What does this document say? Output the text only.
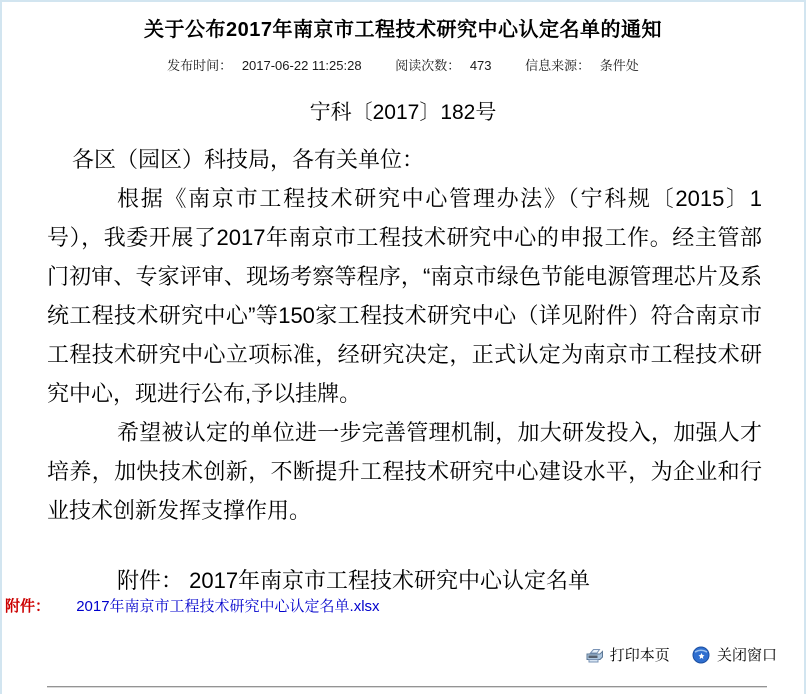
关于公布2017年南京市工程技术研究中心认定名单的通知
发布时间： 2017-06-22 11:25:28	阅读次数： 473	信息来源： 条件处
宁科〔2017〕182号

各区（园区）科技局，各有关单位：

根据《南京市工程技术研究中心管理办法》（宁科规〔2015〕1号），我委开展了2017年南京市工程技术研究中心的申报工作。经主管部门初审、专家评审、现场考察等程序，“南京市绿色节能电源管理芯片及系统工程技术研究中心”等150家工程技术研究中心（详见附件）符合南京市工程技术研究中心立项标准，经研究决定，正式认定为南京市工程技术研究中心，现进行公布,予以挂牌。

希望被认定的单位进一步完善管理机制，加大研发投入，加强人才培养，加快技术创新，不断提升工程技术研究中心建设水平，为企业和行业技术创新发挥支撑作用。

附件： 2017年南京市工程技术研究中心认定名单

附件： 2017年南京市工程技术研究中心认定名单.xlsx
打印本页
	关闭窗口
